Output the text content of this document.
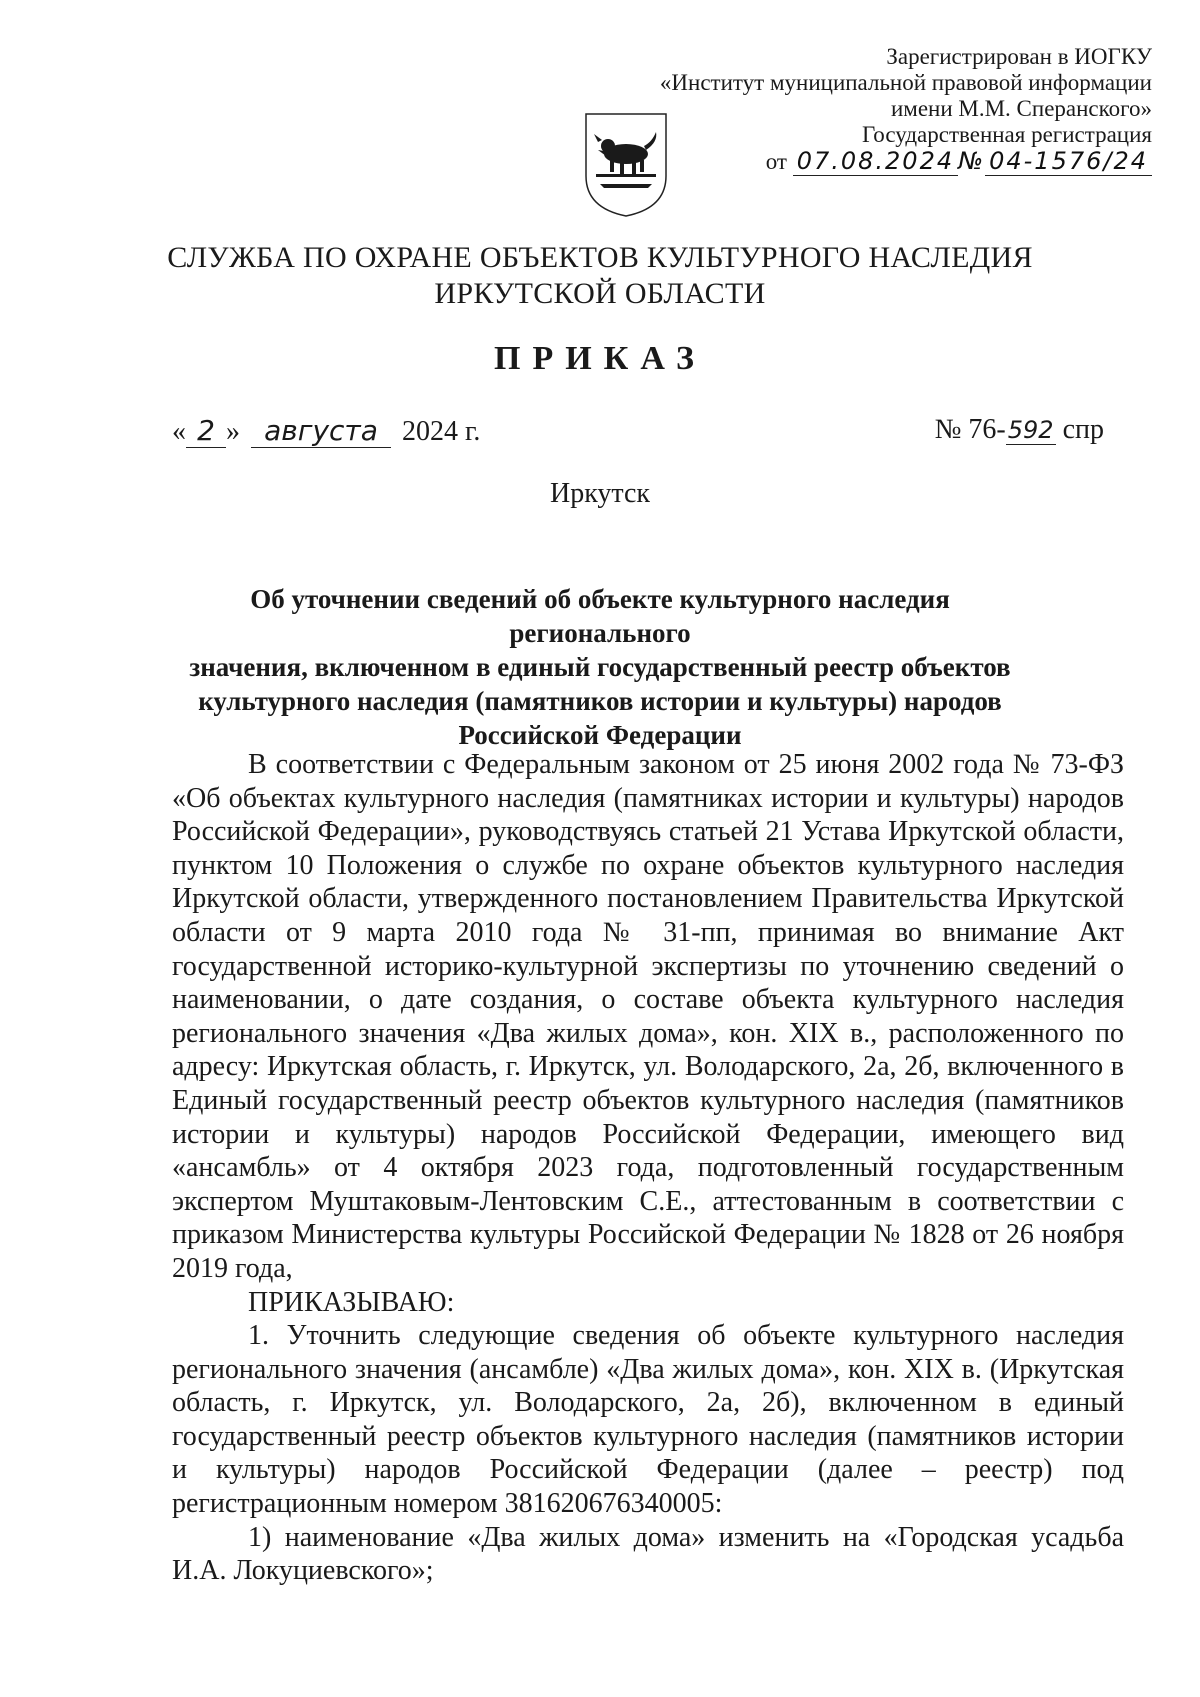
Зарегистрирован в ИОГКУ
«Институт муниципальной правовой информации
имени М.М. Сперанского»
Государственная регистрация
от 07.08.2024 № 04-1576/24
СЛУЖБА ПО ОХРАНЕ ОБЪЕКТОВ КУЛЬТУРНОГО НАСЛЕДИЯ
ИРКУТСКОЙ ОБЛАСТИ
ПРИКАЗ
« 2 » августа 2024 г.	№ 76-592 спр
Иркутск
Об уточнении сведений об объекте культурного наследия регионального
значения, включенном в единый государственный реестр объектов
культурного наследия (памятников истории и культуры) народов
Российской Федерации

В соответствии с Федеральным законом от 25 июня 2002 года № 73-ФЗ «Об объектах культурного наследия (памятниках истории и культуры) народов Российской Федерации», руководствуясь статьей 21 Устава Иркутской области, пунктом 10 Положения о службе по охране объектов культурного наследия Иркутской области, утвержденного постановлением Правительства Иркутской области от 9 марта 2010 года № 31-пп, принимая во внимание Акт государственной историко-культурной экспертизы по уточнению сведений о наименовании, о дате создания, о составе объекта культурного наследия регионального значения «Два жилых дома», кон. XIX в., расположенного по адресу: Иркутская область, г. Иркутск, ул. Володарского, 2а, 2б, включенного в Единый государственный реестр объектов культурного наследия (памятников истории и культуры) народов Российской Федерации, имеющего вид «ансамбль» от 4 октября 2023 года, подготовленный государственным экспертом Муштаковым-Лентовским С.Е., аттестованным в соответствии с приказом Министерства культуры Российской Федерации № 1828 от 26 ноября 2019 года,

ПРИКАЗЫВАЮ:

1. Уточнить следующие сведения об объекте культурного наследия регионального значения (ансамбле) «Два жилых дома», кон. XIX в. (Иркутская область, г. Иркутск, ул. Володарского, 2а, 2б), включенном в единый государственный реестр объектов культурного наследия (памятников истории и культуры) народов Российской Федерации (далее – реестр) под регистрационным номером 381620676340005:

1) наименование «Два жилых дома» изменить на «Городская усадьба И.А. Локуциевского»;
